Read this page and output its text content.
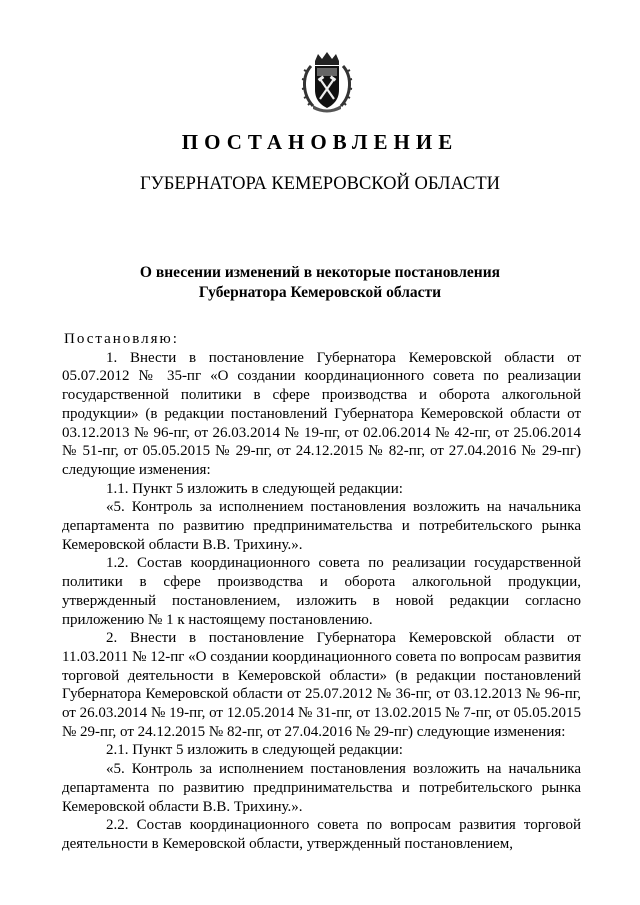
ПОСТАНОВЛЕНИЕ
ГУБЕРНАТОРА КЕМЕРОВСКОЙ ОБЛАСТИ
О внесении изменений в некоторые постановления
Губернатора Кемеровской области

Постановляю:

1. Внести в постановление Губернатора Кемеровской области от 05.07.2012 № 35-пг «О создании координационного совета по реализации государственной политики в сфере производства и оборота алкогольной продукции» (в редакции постановлений Губернатора Кемеровской области от 03.12.2013 № 96-пг, от 26.03.2014 № 19-пг, от 02.06.2014 № 42-пг, от 25.06.2014 № 51-пг, от 05.05.2015 № 29-пг, от 24.12.2015 № 82-пг, от 27.04.2016 № 29-пг) следующие изменения:

1.1. Пункт 5 изложить в следующей редакции:

«5. Контроль за исполнением постановления возложить на начальника департамента по развитию предпринимательства и потребительского рынка Кемеровской области В.В. Трихину.».

1.2. Состав координационного совета по реализации государственной политики в сфере производства и оборота алкогольной продукции, утвержденный постановлением, изложить в новой редакции согласно приложению № 1 к настоящему постановлению.

2. Внести в постановление Губернатора Кемеровской области от 11.03.2011 № 12-пг «О создании координационного совета по вопросам развития торговой деятельности в Кемеровской области» (в редакции постановлений Губернатора Кемеровской области от 25.07.2012 № 36-пг, от 03.12.2013 № 96-пг, от 26.03.2014 № 19-пг, от 12.05.2014 № 31-пг, от 13.02.2015 № 7-пг, от 05.05.2015 № 29-пг, от 24.12.2015 № 82-пг, от 27.04.2016 № 29-пг) следующие изменения:

2.1. Пункт 5 изложить в следующей редакции:

«5. Контроль за исполнением постановления возложить на начальника департамента по развитию предпринимательства и потребительского рынка Кемеровской области В.В. Трихину.».

2.2. Состав координационного совета по вопросам развития торговой деятельности в Кемеровской области, утвержденный постановлением,
